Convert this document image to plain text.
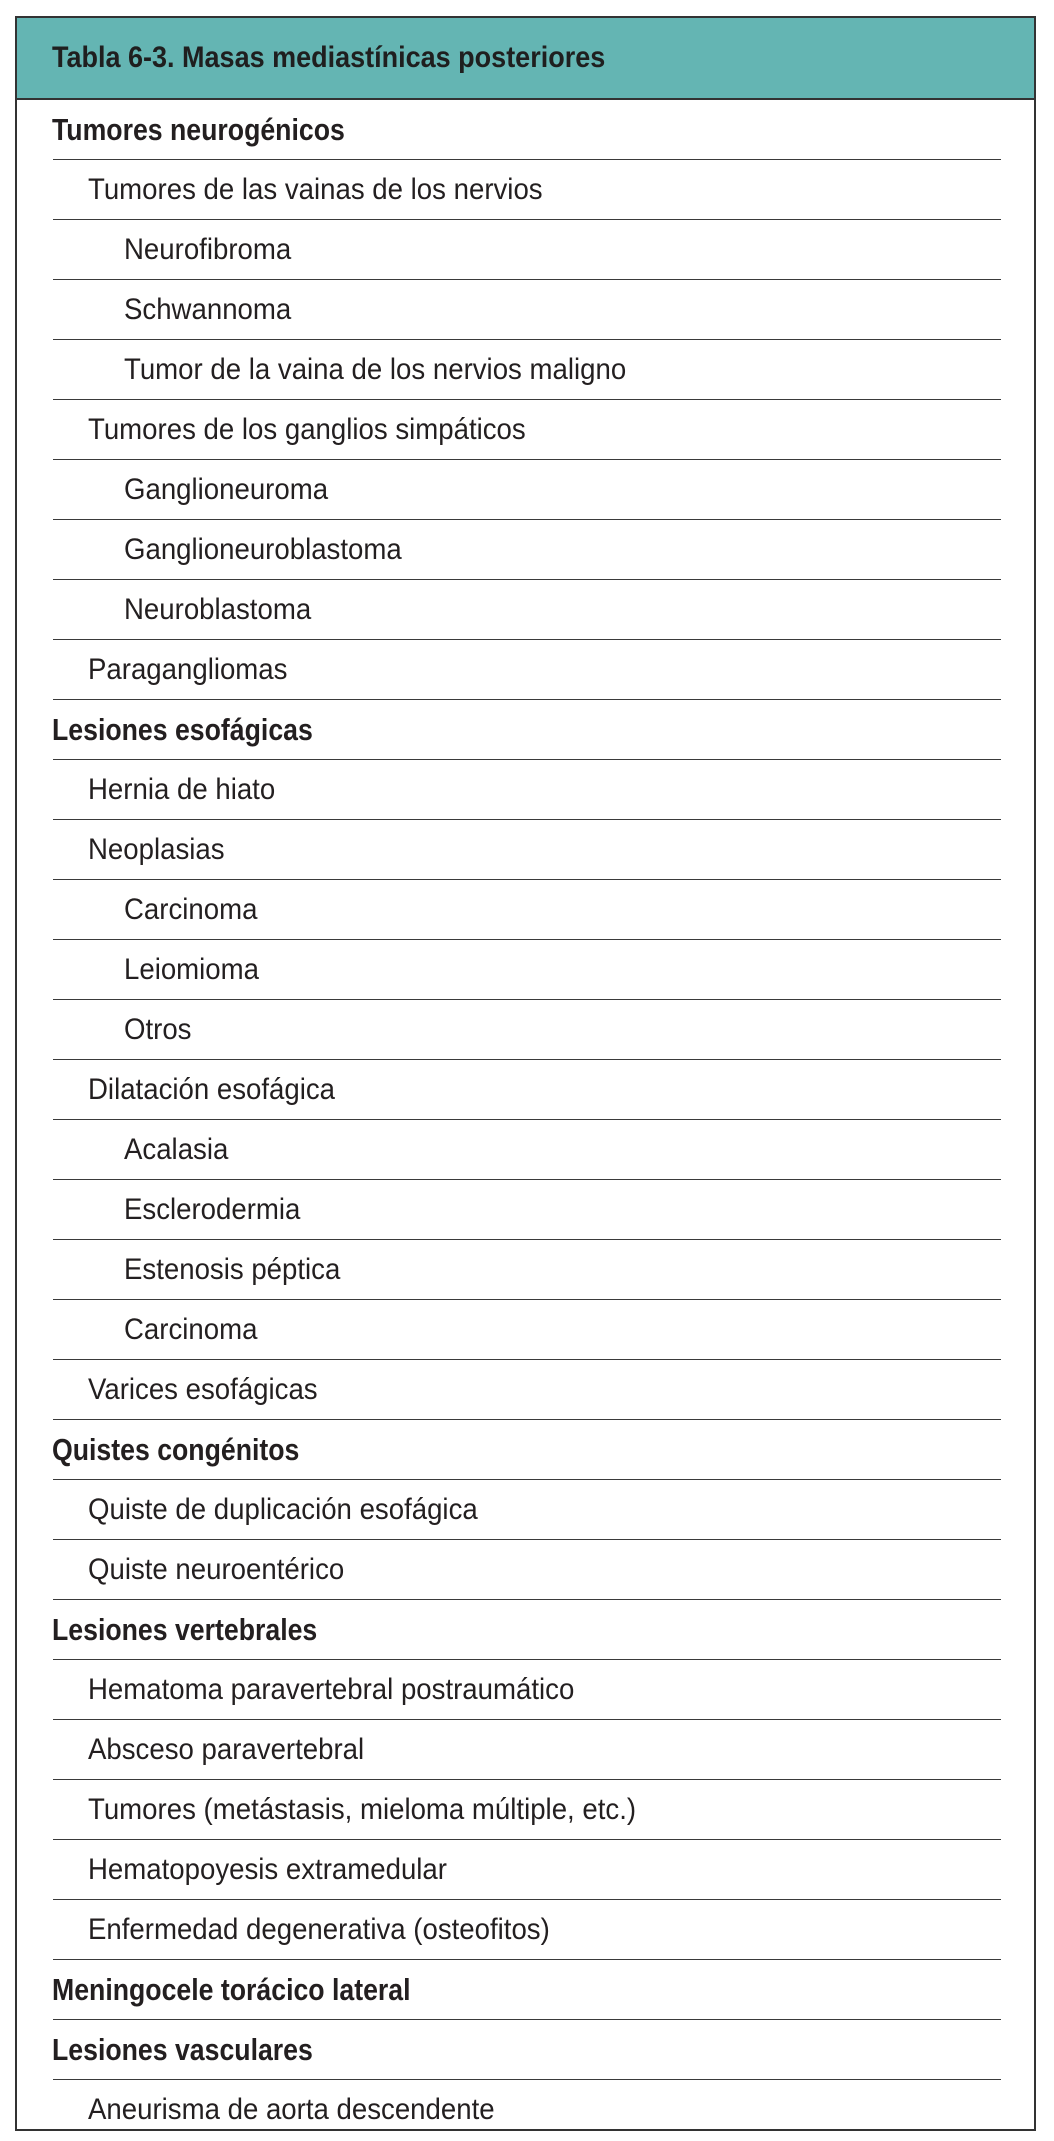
Tabla 6-3. Masas mediastínicas posteriores
Tumores neurogénicos
Tumores de las vainas de los nervios
Neurofibroma
Schwannoma
Tumor de la vaina de los nervios maligno
Tumores de los ganglios simpáticos
Ganglioneuroma
Ganglioneuroblastoma
Neuroblastoma
Paragangliomas
Lesiones esofágicas
Hernia de hiato
Neoplasias
Carcinoma
Leiomioma
Otros
Dilatación esofágica
Acalasia
Esclerodermia
Estenosis péptica
Carcinoma
Varices esofágicas
Quistes congénitos
Quiste de duplicación esofágica
Quiste neuroentérico
Lesiones vertebrales
Hematoma paravertebral postraumático
Absceso paravertebral
Tumores (metástasis, mieloma múltiple, etc.)
Hematopoyesis extramedular
Enfermedad degenerativa (osteofitos)
Meningocele torácico lateral
Lesiones vasculares
Aneurisma de aorta descendente
